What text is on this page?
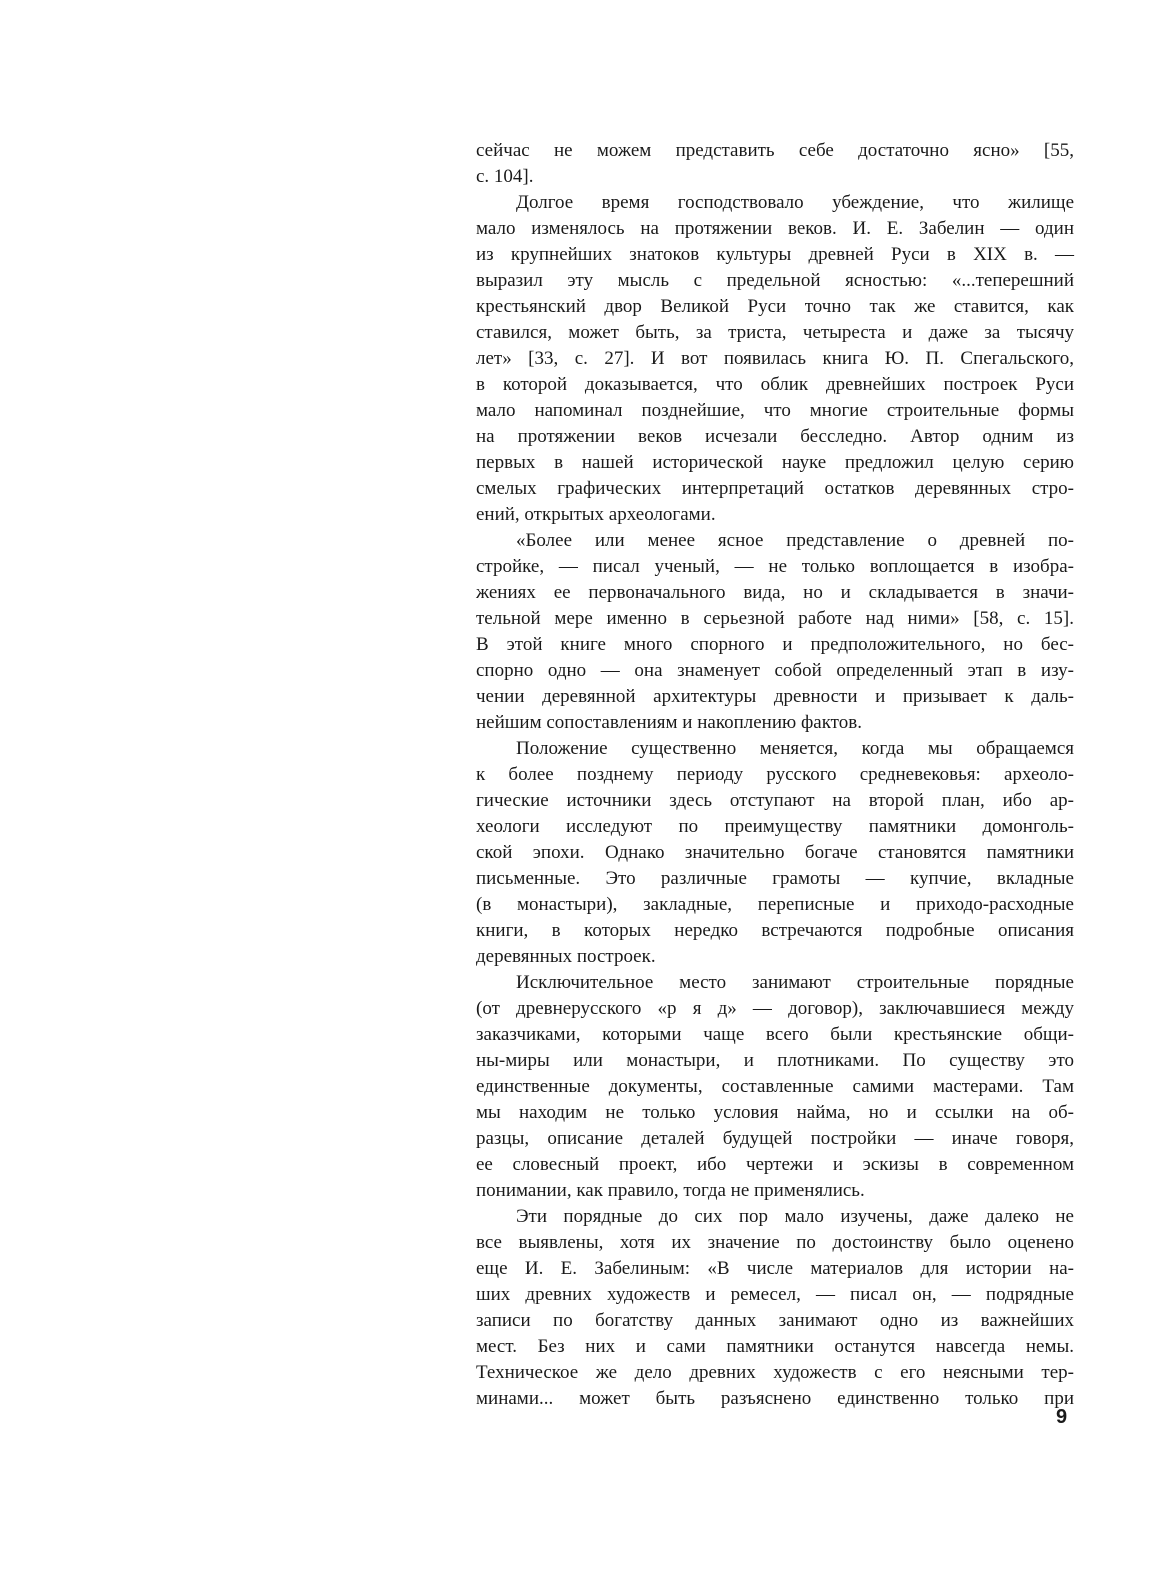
сейчас не можем представить себе достаточно ясно» [55,
с. 104].
Долгое время господствовало убеждение, что жилище
мало изменялось на протяжении веков. И. Е. Забелин — один
из крупнейших знатоков культуры древней Руси в XIX в. —
выразил эту мысль с предельной ясностью: «...теперешний
крестьянский двор Великой Руси точно так же ставится, как
ставился, может быть, за триста, четыреста и даже за тысячу
лет» [33, с. 27]. И вот появилась книга Ю. П. Спегальского,
в которой доказывается, что облик древнейших построек Руси
мало напоминал позднейшие, что многие строительные формы
на протяжении веков исчезали бесследно. Автор одним из
первых в нашей исторической науке предложил целую серию
смелых графических интерпретаций остатков деревянных стро-
ений, открытых археологами.
«Более или менее ясное представление о древней по-
стройке, — писал ученый, — не только воплощается в изобра-
жениях ее первоначального вида, но и складывается в значи-
тельной мере именно в серьезной работе над ними» [58, с. 15].
В этой книге много спорного и предположительного, но бес-
спорно одно — она знаменует собой определенный этап в изу-
чении деревянной архитектуры древности и призывает к даль-
нейшим сопоставлениям и накоплению фактов.
Положение существенно меняется, когда мы обращаемся
к более позднему периоду русского средневековья: археоло-
гические источники здесь отступают на второй план, ибо ар-
хеологи исследуют по преимуществу памятники домонголь-
ской эпохи. Однако значительно богаче становятся памятники
письменные. Это различные грамоты — купчие, вкладные
(в монастыри), закладные, переписные и приходо-расходные
книги, в которых нередко встречаются подробные описания
деревянных построек.
Исключительное место занимают строительные порядные
(от древнерусского «р я д» — договор), заключавшиеся между
заказчиками, которыми чаще всего были крестьянские общи-
ны-миры или монастыри, и плотниками. По существу это
единственные документы, составленные самими мастерами. Там
мы находим не только условия найма, но и ссылки на об-
разцы, описание деталей будущей постройки — иначе говоря,
ее словесный проект, ибо чертежи и эскизы в современном
понимании, как правило, тогда не применялись.
Эти порядные до сих пор мало изучены, даже далеко не
все выявлены, хотя их значение по достоинству было оценено
еще И. Е. Забелиным: «В числе материалов для истории на-
ших древних художеств и ремесел, — писал он, — подрядные
записи по богатству данных занимают одно из важнейших
мест. Без них и сами памятники останутся навсегда немы.
Техническое же дело древних художеств с его неясными тер-
минами... может быть разъяснено единственно только при
9
